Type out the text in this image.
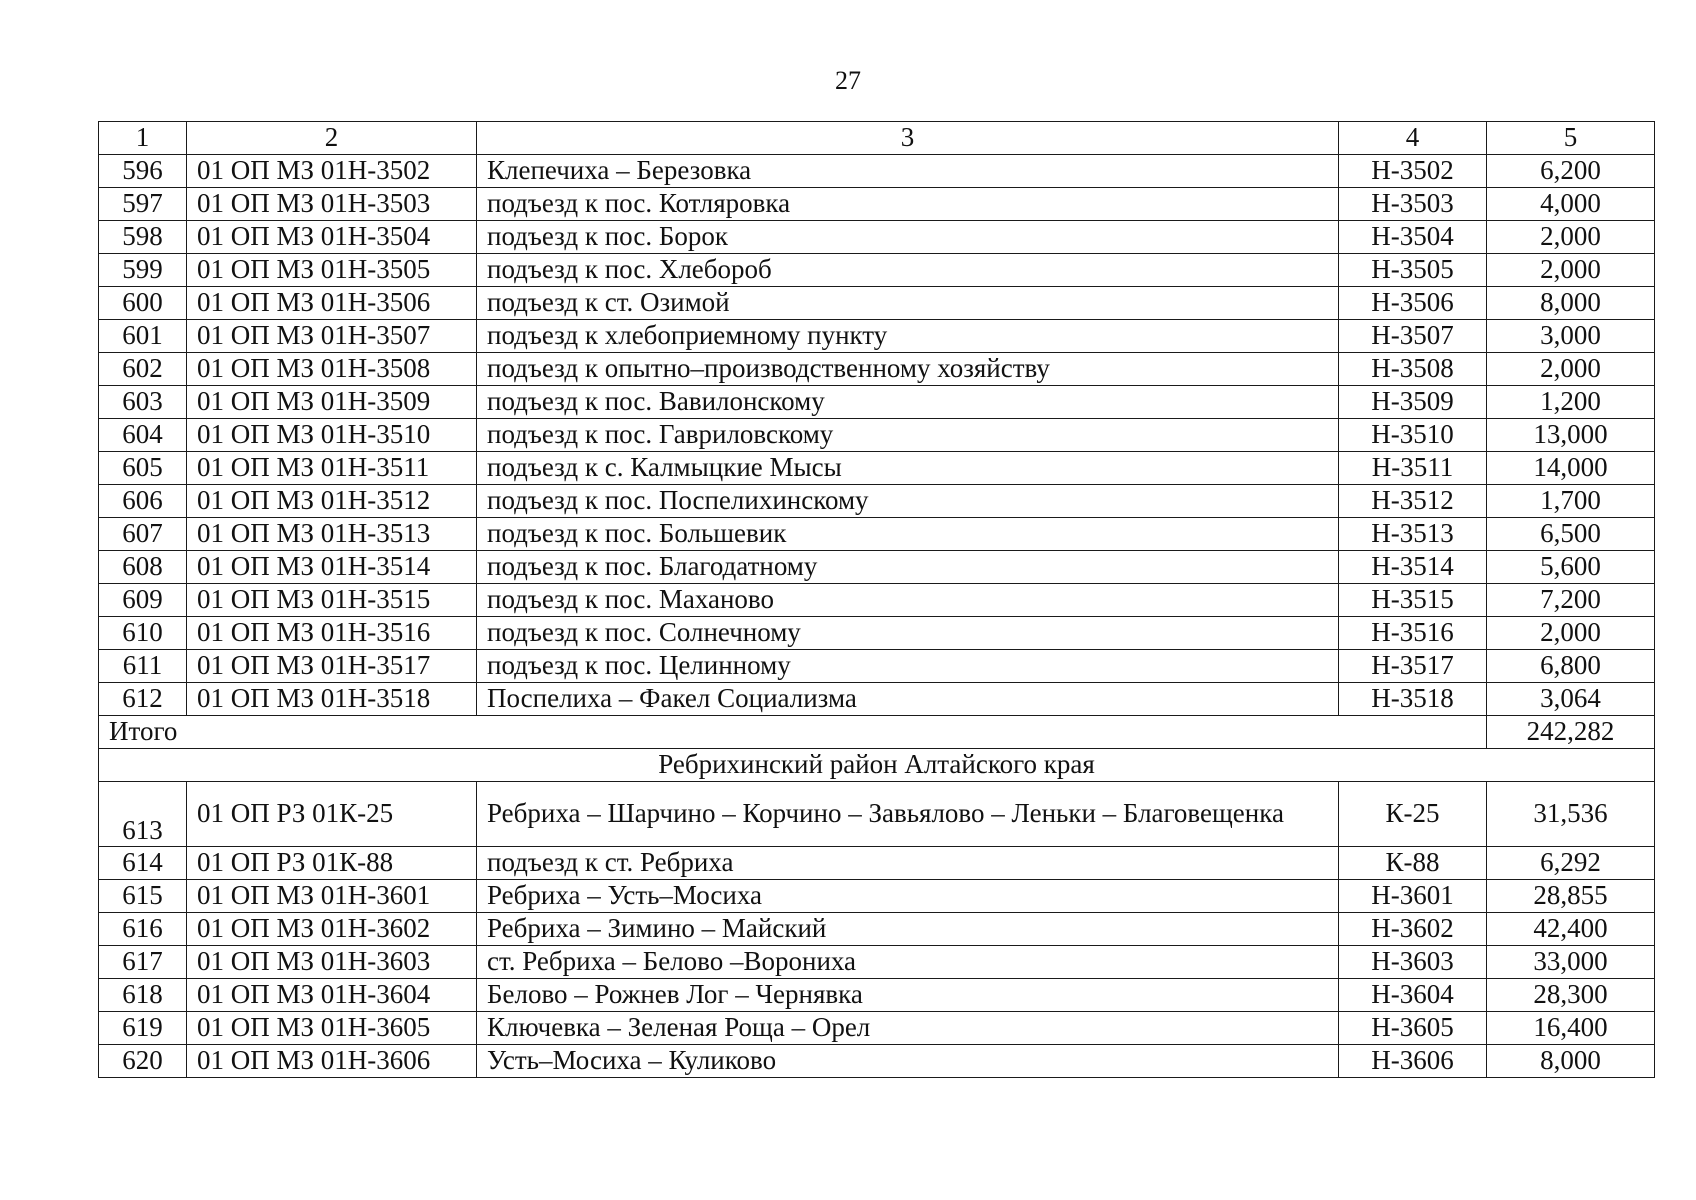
27
1	2	3	4	5
596	01 ОП МЗ 01Н-3502	Клепечиха – Березовка	Н-3502	6,200
597	01 ОП МЗ 01Н-3503	подъезд к пос. Котляровка	Н-3503	4,000
598	01 ОП МЗ 01Н-3504	подъезд к пос. Борок	Н-3504	2,000
599	01 ОП МЗ 01Н-3505	подъезд к пос. Хлебороб	Н-3505	2,000
600	01 ОП МЗ 01Н-3506	подъезд к ст. Озимой	Н-3506	8,000
601	01 ОП МЗ 01Н-3507	подъезд к хлебоприемному пункту	Н-3507	3,000
602	01 ОП МЗ 01Н-3508	подъезд к опытно–производственному хозяйству	Н-3508	2,000
603	01 ОП МЗ 01Н-3509	подъезд к пос. Вавилонскому	Н-3509	1,200
604	01 ОП МЗ 01Н-3510	подъезд к пос. Гавриловскому	Н-3510	13,000
605	01 ОП МЗ 01Н-3511	подъезд к с. Калмыцкие Мысы	Н-3511	14,000
606	01 ОП МЗ 01Н-3512	подъезд к пос. Поспелихинскому	Н-3512	1,700
607	01 ОП МЗ 01Н-3513	подъезд к пос. Большевик	Н-3513	6,500
608	01 ОП МЗ 01Н-3514	подъезд к пос. Благодатному	Н-3514	5,600
609	01 ОП МЗ 01Н-3515	подъезд к пос. Маханово	Н-3515	7,200
610	01 ОП МЗ 01Н-3516	подъезд к пос. Солнечному	Н-3516	2,000
611	01 ОП МЗ 01Н-3517	подъезд к пос. Целинному	Н-3517	6,800
612	01 ОП МЗ 01Н-3518	Поспелиха – Факел Социализма	Н-3518	3,064
Итого				242,282
Ребрихинский район Алтайского края				
613	01 ОП РЗ 01К-25	Ребриха – Шарчино – Корчино – Завьялово – Леньки – Благовещенка	К-25	31,536
614	01 ОП РЗ 01К-88	подъезд к ст. Ребриха	К-88	6,292
615	01 ОП МЗ 01Н-3601	Ребриха – Усть–Мосиха	Н-3601	28,855
616	01 ОП МЗ 01Н-3602	Ребриха – Зимино – Майский	Н-3602	42,400
617	01 ОП МЗ 01Н-3603	ст. Ребриха – Белово –Ворониха	Н-3603	33,000
618	01 ОП МЗ 01Н-3604	Белово – Рожнев Лог – Чернявка	Н-3604	28,300
619	01 ОП МЗ 01Н-3605	Ключевка – Зеленая Роща – Орел	Н-3605	16,400
620	01 ОП МЗ 01Н-3606	Усть–Мосиха – Куликово	Н-3606	8,000
